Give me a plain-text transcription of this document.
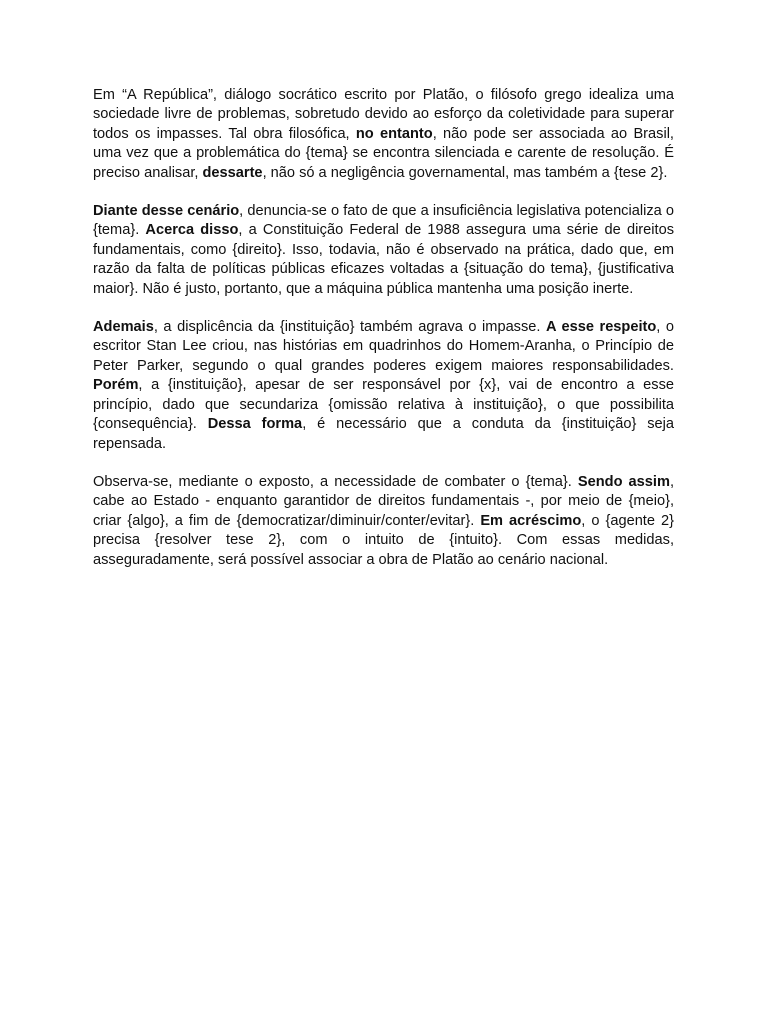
Em “A República”, diálogo socrático escrito por Platão, o filósofo grego idealiza uma sociedade livre de problemas, sobretudo devido ao esforço da coletividade para superar todos os impasses. Tal obra filosófica, no entanto, não pode ser associada ao Brasil, uma vez que a problemática do {tema} se encontra silenciada e carente de resolução. É preciso analisar, dessarte, não só a negligência governamental, mas também a {tese 2}.

Diante desse cenário, denuncia-se o fato de que a insuficiência legislativa potencializa o {tema}. Acerca disso, a Constituição Federal de 1988 assegura uma série de direitos fundamentais, como {direito}. Isso, todavia, não é observado na prática, dado que, em razão da falta de políticas públicas eficazes voltadas a {situação do tema}, {justificativa maior}. Não é justo, portanto, que a máquina pública mantenha uma posição inerte.

Ademais, a displicência da {instituição} também agrava o impasse. A esse respeito, o escritor Stan Lee criou, nas histórias em quadrinhos do Homem-Aranha, o Princípio de Peter Parker, segundo o qual grandes poderes exigem maiores responsabilidades. Porém, a {instituição}, apesar de ser responsável por {x}, vai de encontro a esse princípio, dado que secundariza {omissão relativa à instituição}, o que possibilita {consequência}. Dessa forma, é necessário que a conduta da {instituição} seja repensada.

Observa-se, mediante o exposto, a necessidade de combater o {tema}. Sendo assim, cabe ao Estado - enquanto garantidor de direitos fundamentais -, por meio de {meio}, criar {algo}, a fim de {democratizar/diminuir/conter/evitar}. Em acréscimo, o {agente 2} precisa {resolver tese 2}, com o intuito de {intuito}. Com essas medidas, asseguradamente, será possível associar a obra de Platão ao cenário nacional.
